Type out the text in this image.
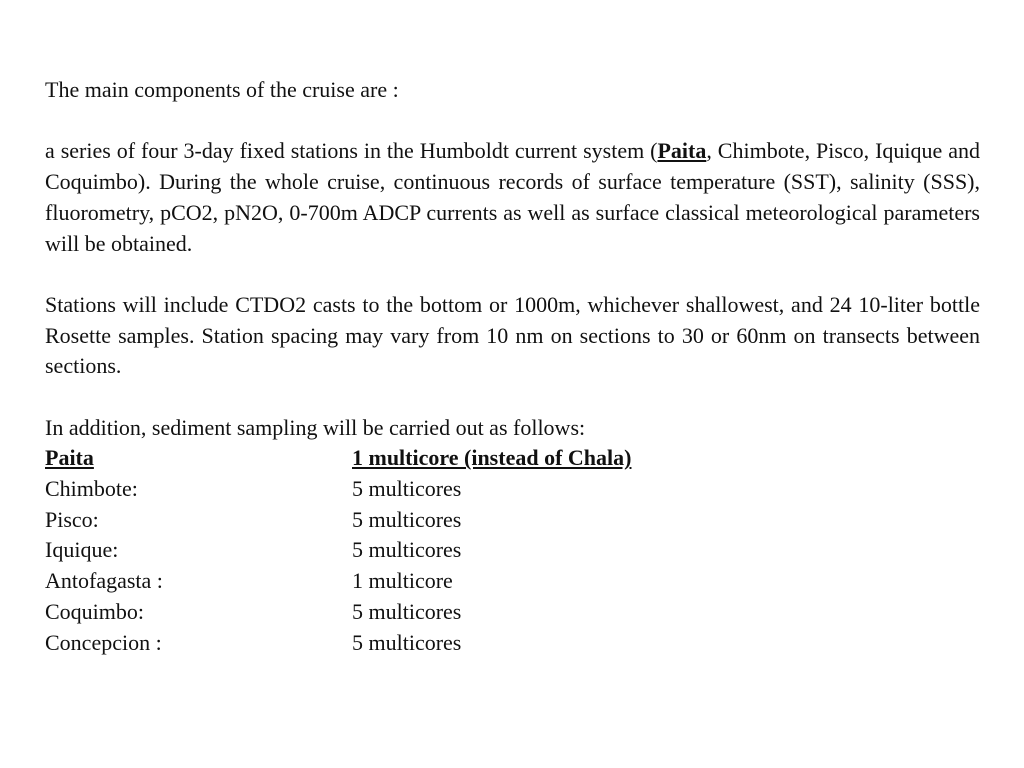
The main components of the cruise are :

a series of four 3-day fixed stations in the Humboldt current system (Paita, Chimbote, Pisco, Iquique and Coquimbo). During the whole cruise, continuous records of surface temperature (SST), salinity (SSS), fluorometry, pCO2, pN2O, 0-700m ADCP currents as well as surface classical meteorological parameters will be obtained.

Stations will include CTDO2 casts to the bottom or 1000m, whichever shallowest, and 24 10-liter bottle Rosette samples. Station spacing may vary from 10 nm on sections to 30 or 60nm on transects between sections.

In addition, sediment sampling will be carried out as follows:
Paita	1 multicore (instead of Chala)
Chimbote:	5 multicores
Pisco:	5 multicores
Iquique:	5 multicores
Antofagasta :	1 multicore
Coquimbo:	5 multicores
Concepcion :	5 multicores
